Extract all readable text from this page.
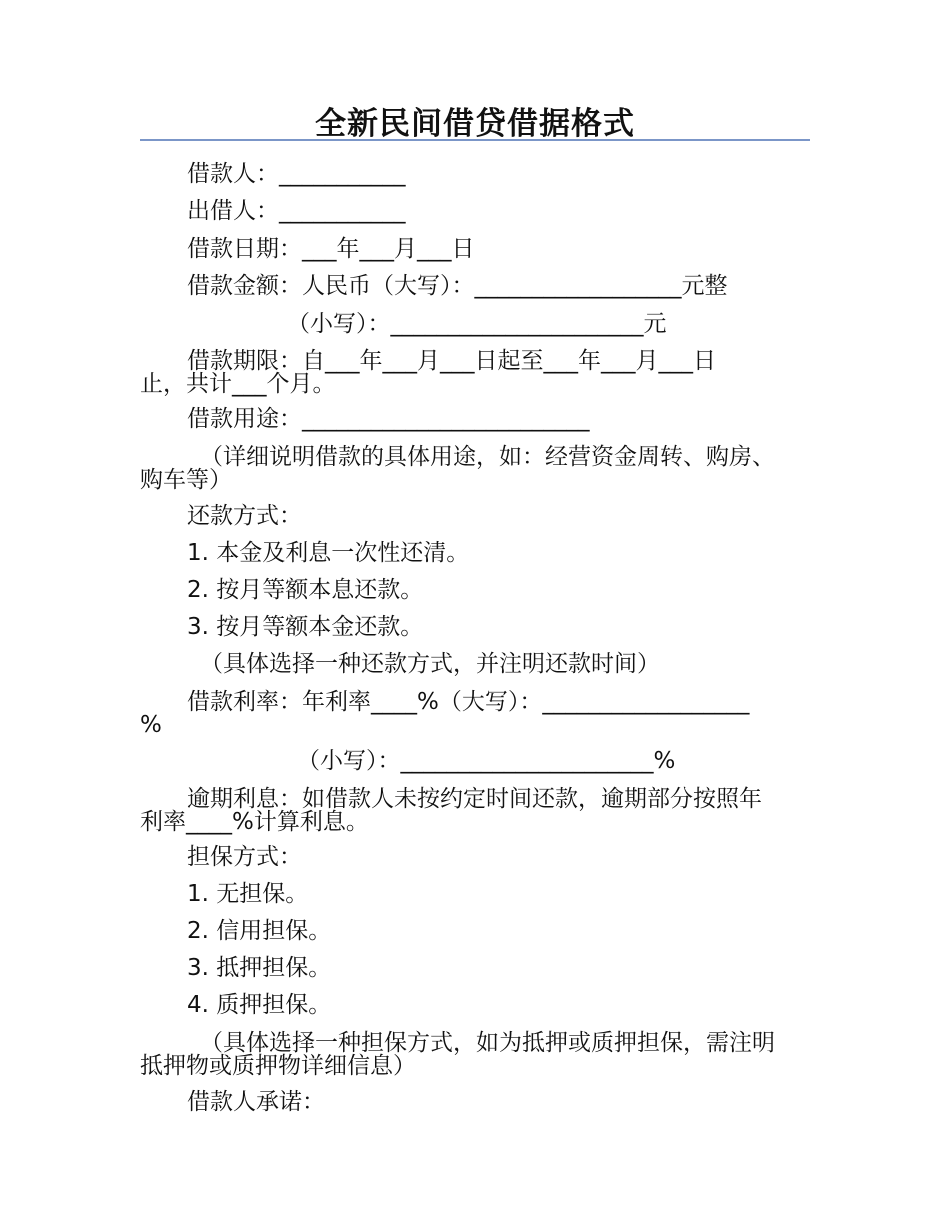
全新民间借贷借据格式
借款人：___________
出借人：___________
借款日期：___年___月___日
借款金额：人民币（大写）：__________________元整
（小写）：______________________元
借款期限：自___年___月___日起至___年___月___日
止，共计___个月。
借款用途：_________________________
（详细说明借款的具体用途，如：经营资金周转、购房、
购车等）
还款方式：
1. 本金及利息一次性还清。
2. 按月等额本息还款。
3. 按月等额本金还款。
（具体选择一种还款方式，并注明还款时间）
借款利率：年利率____%（大写）：__________________
%
（小写）：______________________%
逾期利息：如借款人未按约定时间还款，逾期部分按照年
利率____%计算利息。
担保方式：
1. 无担保。
2. 信用担保。
3. 抵押担保。
4. 质押担保。
（具体选择一种担保方式，如为抵押或质押担保，需注明
抵押物或质押物详细信息）
借款人承诺：
